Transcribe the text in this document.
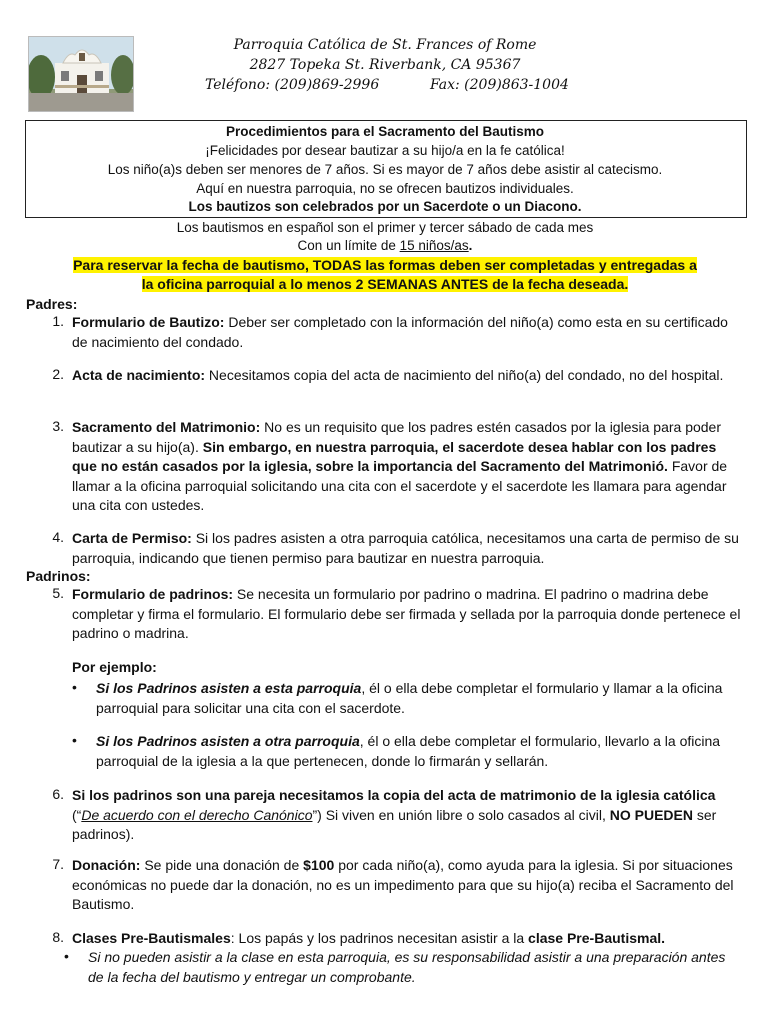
Parroquia Católica de St. Frances of Rome
2827 Topeka St. Riverbank, CA 95367
Teléfono: (209)869-2996	Fax: (209)863-1004
Procedimientos para el Sacramento del Bautismo
¡Felicidades por desear bautizar a su hijo/a en la fe católica!
Los niño(a)s deben ser menores de 7 años. Si es mayor de 7 años debe asistir al catecismo.
Aquí en nuestra parroquia, no se ofrecen bautizos individuales.
Los bautizos son celebrados por un Sacerdote o un Diacono.
Los bautismos en español son el primer y tercer sábado de cada mes
Con un límite de 15 niños/as.
Para reservar la fecha de bautismo, TODAS las formas deben ser completadas y entregadas a
la oficina parroquial a lo menos 2 SEMANAS ANTES de la fecha deseada.
Padres:
1. Formulario de Bautizo: Deber ser completado con la información del niño(a) como esta en su certificado de nacimiento del condado.
2. Acta de nacimiento: Necesitamos copia del acta de nacimiento del niño(a) del condado, no del hospital.
3. Sacramento del Matrimonio: No es un requisito que los padres estén casados por la iglesia para poder bautizar a su hijo(a). Sin embargo, en nuestra parroquia, el sacerdote desea hablar con los padres que no están casados por la iglesia, sobre la importancia del Sacramento del Matrimonió. Favor de llamar a la oficina parroquial solicitando una cita con el sacerdote y el sacerdote les llamara para agendar una cita con ustedes.
4. Carta de Permiso: Si los padres asisten a otra parroquia católica, necesitamos una carta de permiso de su parroquia, indicando que tienen permiso para bautizar en nuestra parroquia.
Padrinos:
5. Formulario de padrinos: Se necesita un formulario por padrino o madrina. El padrino o madrina debe completar y firma el formulario. El formulario debe ser firmada y sellada por la parroquia donde pertenece el padrino o madrina.
Por ejemplo:
• Si los Padrinos asisten a esta parroquia, él o ella debe completar el formulario y llamar a la oficina parroquial para solicitar una cita con el sacerdote.
• Si los Padrinos asisten a otra parroquia, él o ella debe completar el formulario, llevarlo a la oficina parroquial de la iglesia a la que pertenecen, donde lo firmarán y sellarán.
6. Si los padrinos son una pareja necesitamos la copia del acta de matrimonio de la iglesia católica (“De acuerdo con el derecho Canónico”) Si viven en unión libre o solo casados al civil, NO PUEDEN ser padrinos).
7. Donación: Se pide una donación de $100 por cada niño(a), como ayuda para la iglesia. Si por situaciones económicas no puede dar la donación, no es un impedimento para que su hijo(a) reciba el Sacramento del Bautismo.
8. Clases Pre-Bautismales: Los papás y los padrinos necesitan asistir a la clase Pre-Bautismal.
• Si no pueden asistir a la clase en esta parroquia, es su responsabilidad asistir a una preparación antes de la fecha del bautismo y entregar un comprobante.
